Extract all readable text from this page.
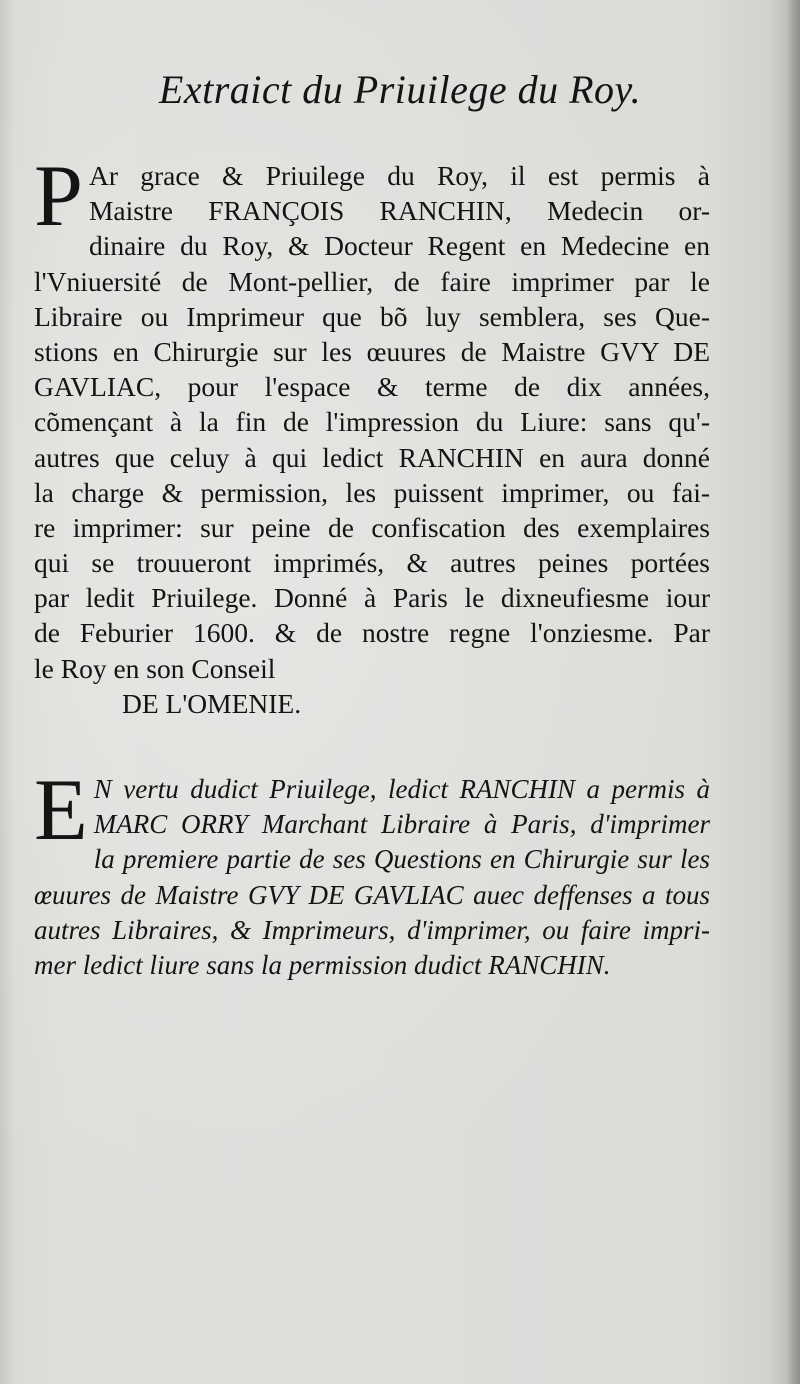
Extraict du Priuilege du Roy.
P Ar grace & Priuilege du Roy, il est permis à
Maistre FRANÇOIS RANCHIN, Medecin or-
dinaire du Roy, & Docteur Regent en Medecine en
l'Vniuersité de Mont-pellier, de faire imprimer par le
Libraire ou Imprimeur que bõ luy semblera, ses Que-
stions en Chirurgie sur les œuures de Maistre GVY DE
GAVLIAC, pour l'espace & terme de dix années,
cõmençant à la fin de l'impression du Liure: sans qu'-
autres que celuy à qui ledict RANCHIN en aura donné
la charge & permission, les puissent imprimer, ou fai-
re imprimer: sur peine de confiscation des exemplaires
qui se trouueront imprimés, & autres peines portées
par ledit Priuilege. Donné à Paris le dixneufiesme iour
de Feburier 1600. & de nostre regne l'onziesme. Par
le Roy en son Conseil
DE L'OMENIE.
E N vertu dudict Priuilege, ledict RANCHIN a permis à
MARC ORRY Marchant Libraire à Paris, d'imprimer
la premiere partie de ses Questions en Chirurgie sur les
œuures de Maistre GVY DE GAVLIAC auec deffenses a tous
autres Libraires, & Imprimeurs, d'imprimer, ou faire impri-
mer ledict liure sans la permission dudict RANCHIN.
